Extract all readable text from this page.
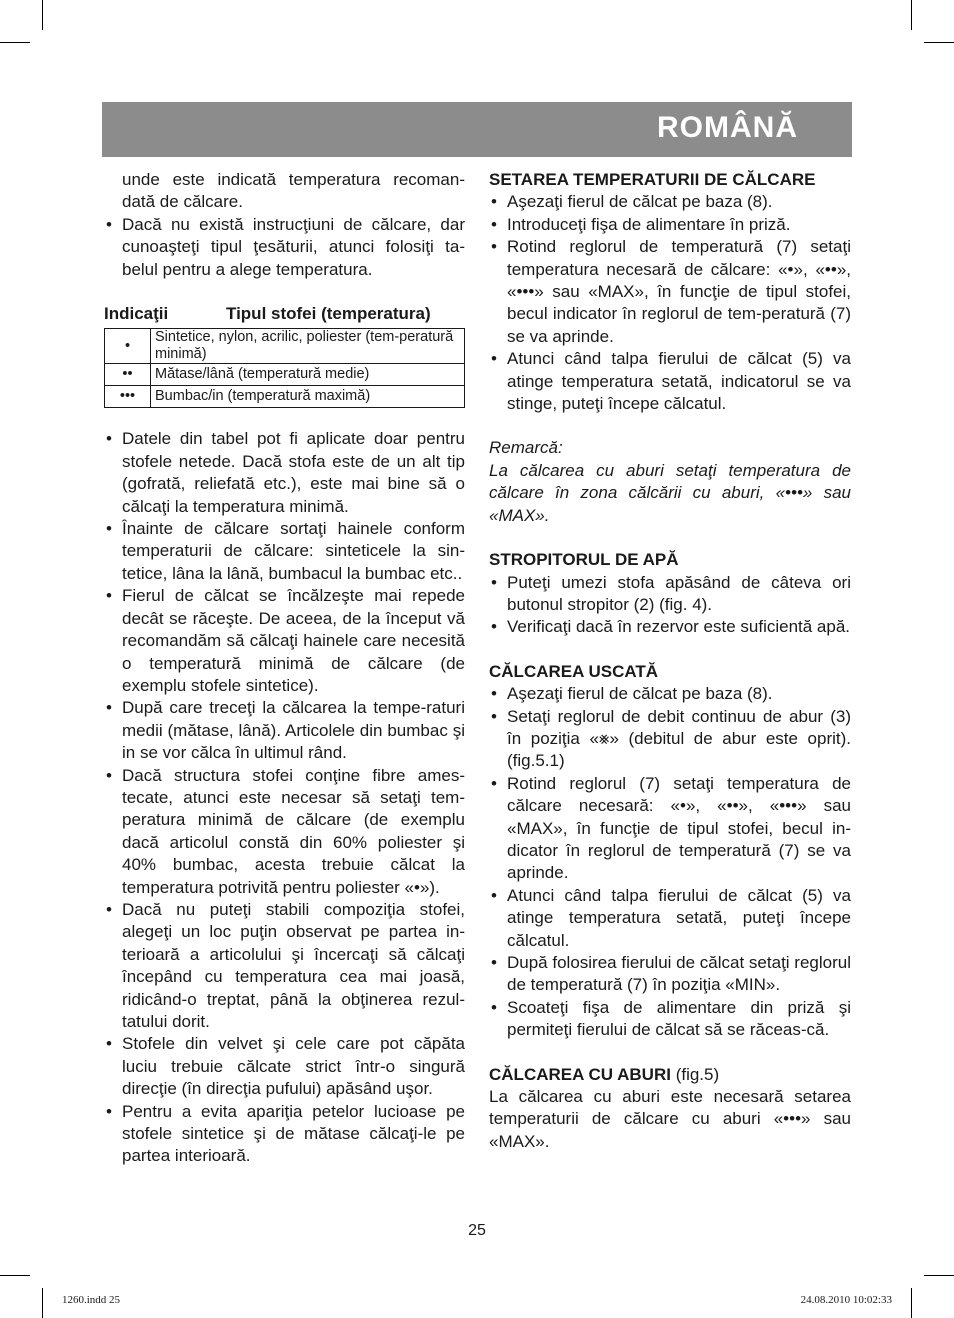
ROMÂNĂ

unde este indicată temperatura recoman-dată de călcare.

• Dacă nu există instrucţiuni de călcare, dar cunoaşteţi tipul ţesăturii, atunci folosiţi ta-belul pentru a alege temperatura.
Indicaţii	Tipul stofei (temperatura)
•	Sintetice, nylon, acrilic, poliester (tem-peratură minimă)
••	Mătase/lână (temperatură medie)
•••	Bumbac/in (temperatură maximă)
• Datele din tabel pot fi aplicate doar pentru stofele netede. Dacă stofa este de un alt tip (gofrată, reliefată etc.), este mai bine să o călcaţi la temperatura minimă.
• Înainte de călcare sortaţi hainele conform temperaturii de călcare: sinteticele la sin-tetice, lâna la lână, bumbacul la bumbac etc..
• Fierul de călcat se încălzeşte mai repede decât se răceşte. De aceea, de la început vă recomandăm să călcaţi hainele care necesită o temperatură minimă de călcare (de exemplu stofele sintetice).
• După care treceţi la călcarea la tempe-raturi medii (mătase, lână). Articolele din bumbac şi in se vor călca în ultimul rând.
• Dacă structura stofei conţine fibre ames-tecate, atunci este necesar să setaţi tem-peratura minimă de călcare (de exemplu dacă articolul constă din 60% poliester şi 40% bumbac, acesta trebuie călcat la temperatura potrivită pentru poliester «•»).
• Dacă nu puteţi stabili compoziţia stofei, alegeţi un loc puţin observat pe partea in-terioară a articolului şi încercaţi să călcaţi începând cu temperatura cea mai joasă, ridicând-o treptat, până la obţinerea rezul-tatului dorit.
• Stofele din velvet şi cele care pot căpăta luciu trebuie călcate strict într-o singură direcţie (în direcţia pufului) apăsând uşor.
• Pentru a evita apariţia petelor lucioase pe stofele sintetice şi de mătase călcaţi-le pe partea interioară.
SETAREA TEMPERATURII DE CĂLCARE
• Aşezaţi fierul de călcat pe baza (8).
• Introduceţi fişa de alimentare în priză.
• Rotind reglorul de temperatură (7) setaţi temperatura necesară de călcare: «•», «••», «•••» sau «MAX», în funcţie de tipul stofei, becul indicator în reglorul de tem-peratură (7) se va aprinde.
• Atunci când talpa fierului de călcat (5) va atinge temperatura setată, indicatorul se va stinge, puteţi începe călcatul.

Remarcă:

La călcarea cu aburi setaţi temperatura de călcare în zona călcării cu aburi, «•••» sau «MAX».

STROPITORUL DE APĂ
• Puteţi umezi stofa apăsând de câteva ori butonul stropitor (2) (fig. 4).
• Verificaţi dacă în rezervor este suficientă apă.
CĂLCAREA USCATĂ
• Aşezaţi fierul de călcat pe baza (8).
• Setaţi reglorul de debit continuu de abur (3) în poziţia «⨳» (debitul de abur este oprit). (fig.5.1)
• Rotind reglorul (7) setaţi temperatura de călcare necesară: «•», «••», «•••» sau «MAX», în funcţie de tipul stofei, becul in-dicator în reglorul de temperatură (7) se va aprinde.
• Atunci când talpa fierului de călcat (5) va atinge temperatura setată, puteţi începe călcatul.
• După folosirea fierului de călcat setaţi reglorul de temperatură (7) în poziţia «MIN».
• Scoateţi fişa de alimentare din priză şi permiteţi fierului de călcat să se răceas-că.
CĂLCAREA CU ABURI (fig.5)

La călcarea cu aburi este necesară setarea temperaturii de călcare cu aburi «•••» sau «MAX».

25
1260.indd 25	24.08.2010 10:02:33
